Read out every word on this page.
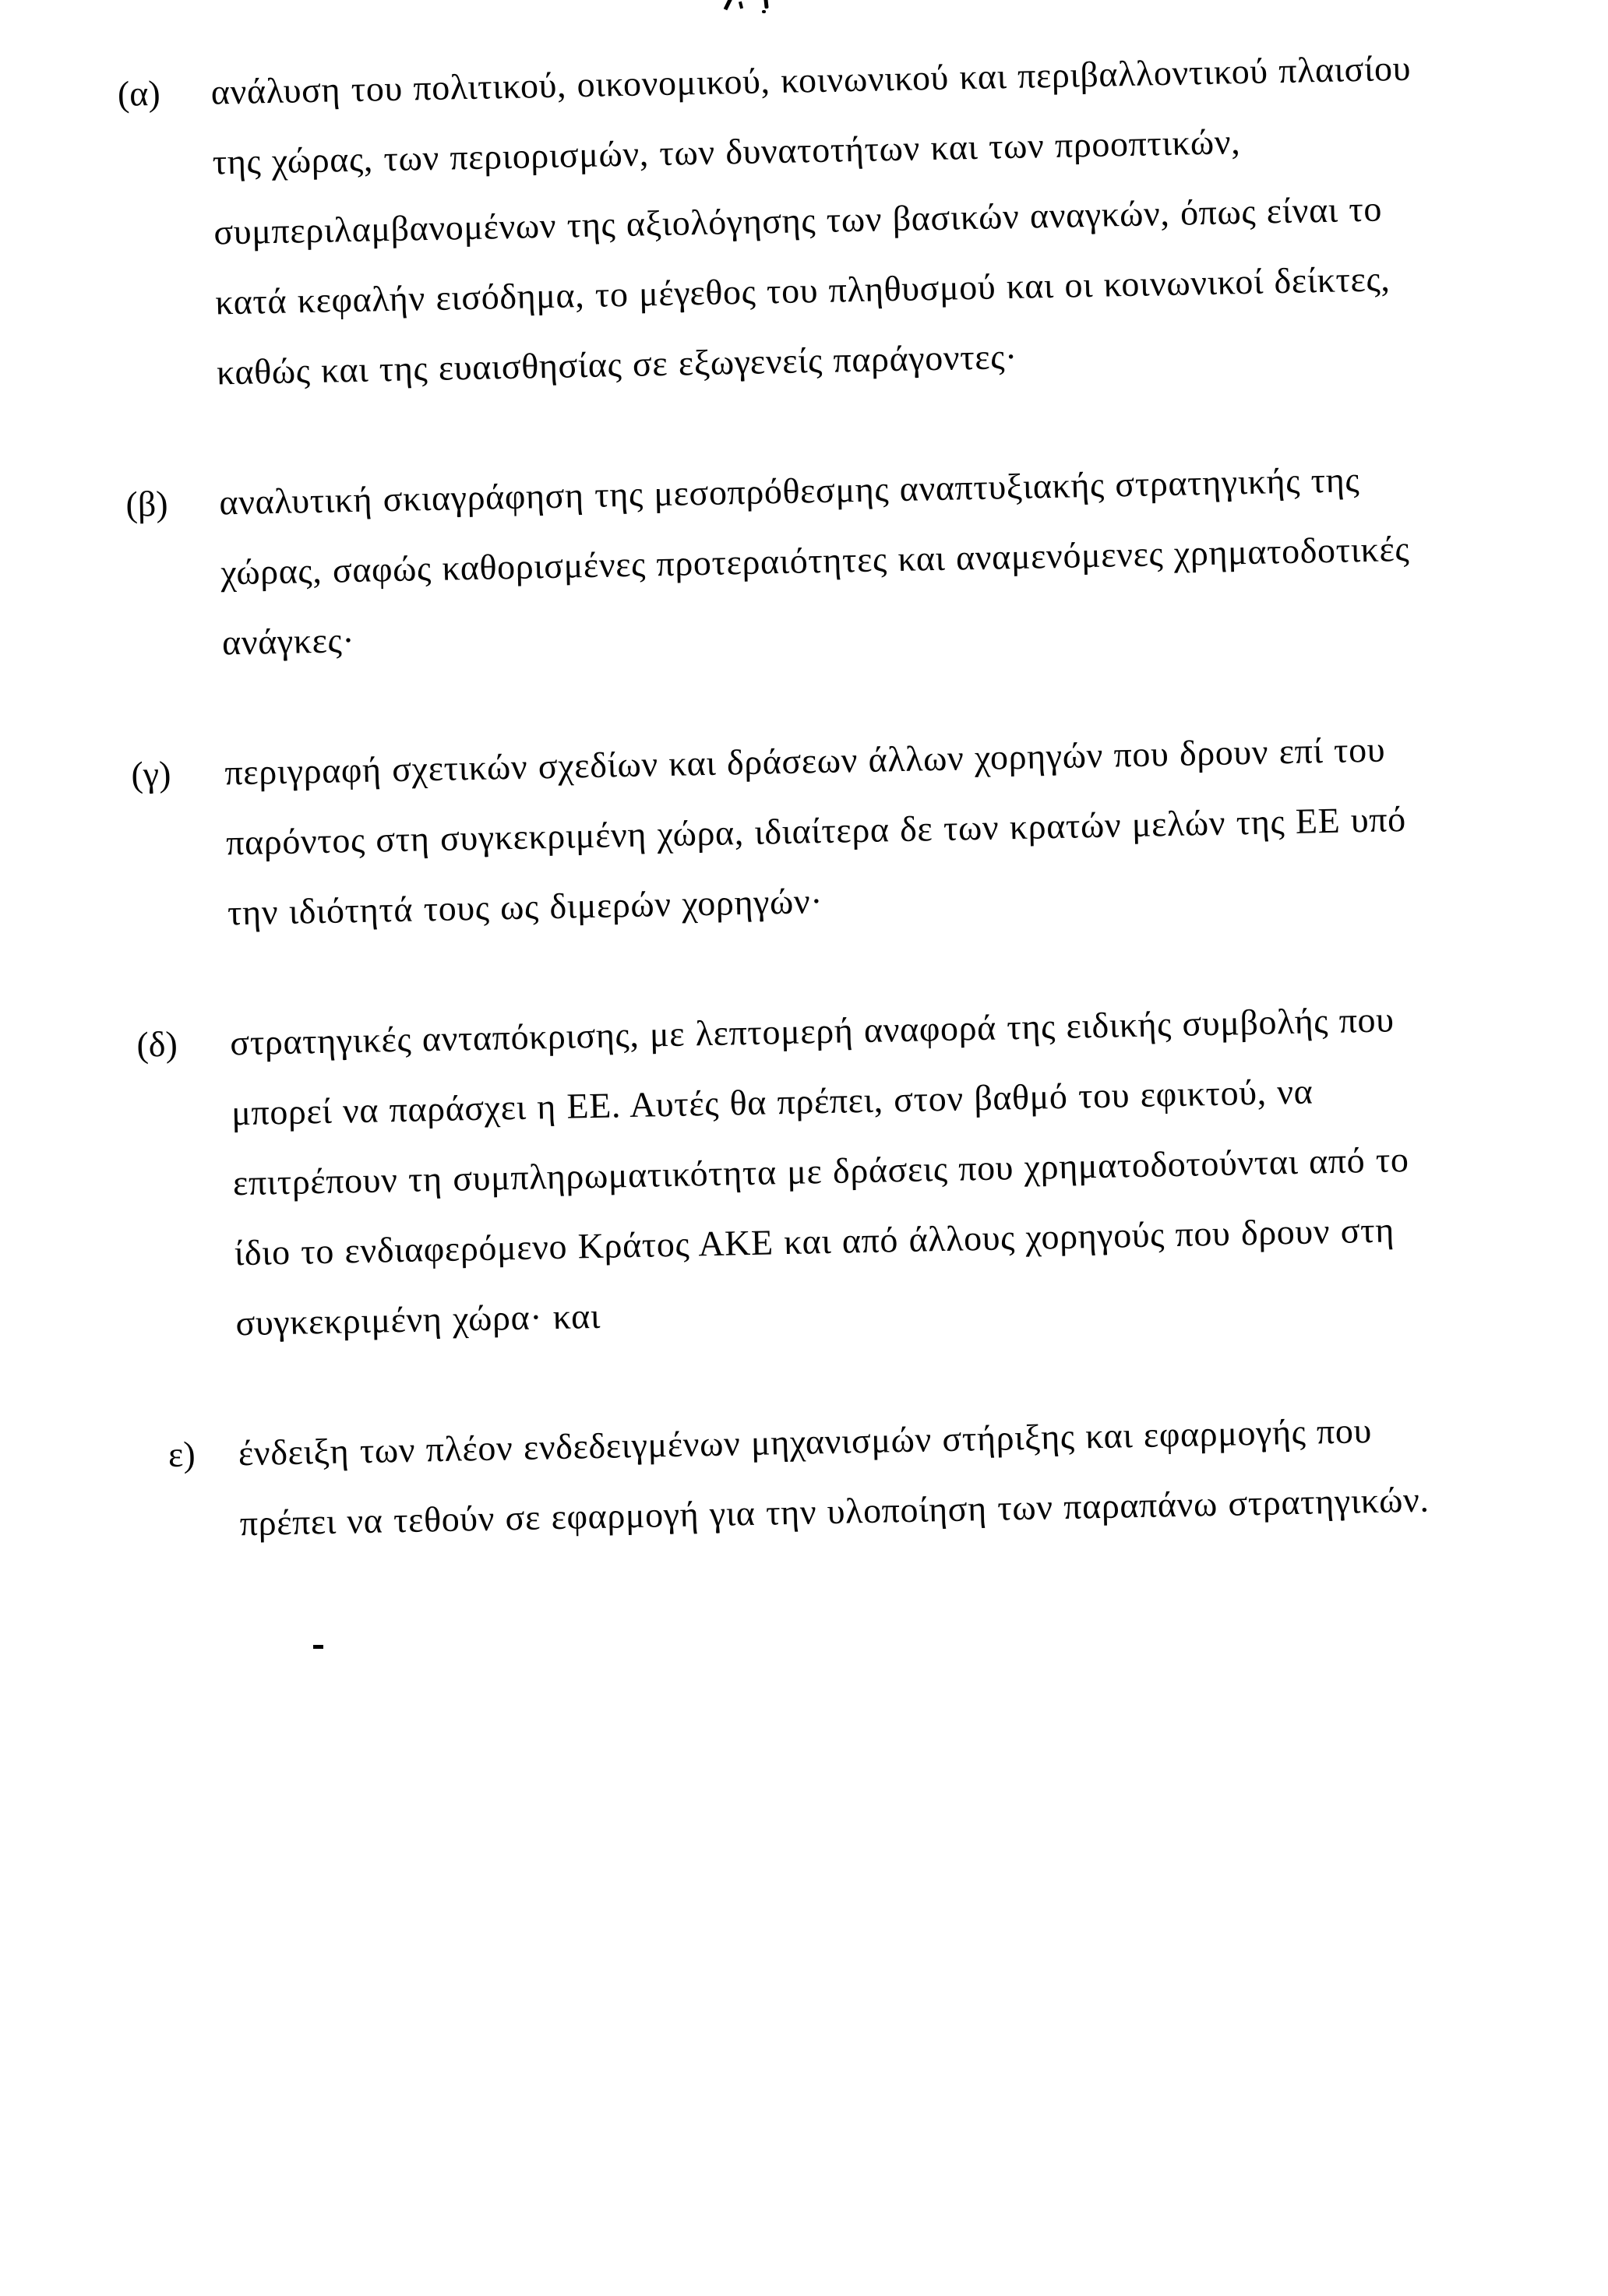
(α)	ανάλυση του πολιτικού, οικονομικού, κοινωνικού και περιβαλλοντικού πλαισίου
της χώρας, των περιορισμών, των δυνατοτήτων και των προοπτικών,
συμπεριλαμβανομένων της αξιολόγησης των βασικών αναγκών, όπως είναι το
κατά κεφαλήν εισόδημα, το μέγεθος του πληθυσμού και οι κοινωνικοί δείκτες,
καθώς και της ευαισθησίας σε εξωγενείς παράγοντες·
(β)	αναλυτική σκιαγράφηση της μεσοπρόθεσμης αναπτυξιακής στρατηγικής της
χώρας, σαφώς καθορισμένες προτεραιότητες και αναμενόμενες χρηματοδοτικές
ανάγκες·
(γ)	περιγραφή σχετικών σχεδίων και δράσεων άλλων χορηγών που δρουν επί του
παρόντος στη συγκεκριμένη χώρα, ιδιαίτερα δε των κρατών μελών της ΕΕ υπό
την ιδιότητά τους ως διμερών χορηγών·
(δ)	στρατηγικές ανταπόκρισης, με λεπτομερή αναφορά της ειδικής συμβολής που
μπορεί να παράσχει η ΕΕ. Αυτές θα πρέπει, στον βαθμό του εφικτού, να
επιτρέπουν τη συμπληρωματικότητα με δράσεις που χρηματοδοτούνται από το
ίδιο το ενδιαφερόμενο Κράτος ΑΚΕ και από άλλους χορηγούς που δρουν στη
συγκεκριμένη χώρα· και
ε)	ένδειξη των πλέον ενδεδειγμένων μηχανισμών στήριξης και εφαρμογής που
πρέπει να τεθούν σε εφαρμογή για την υλοποίηση των παραπάνω στρατηγικών.
